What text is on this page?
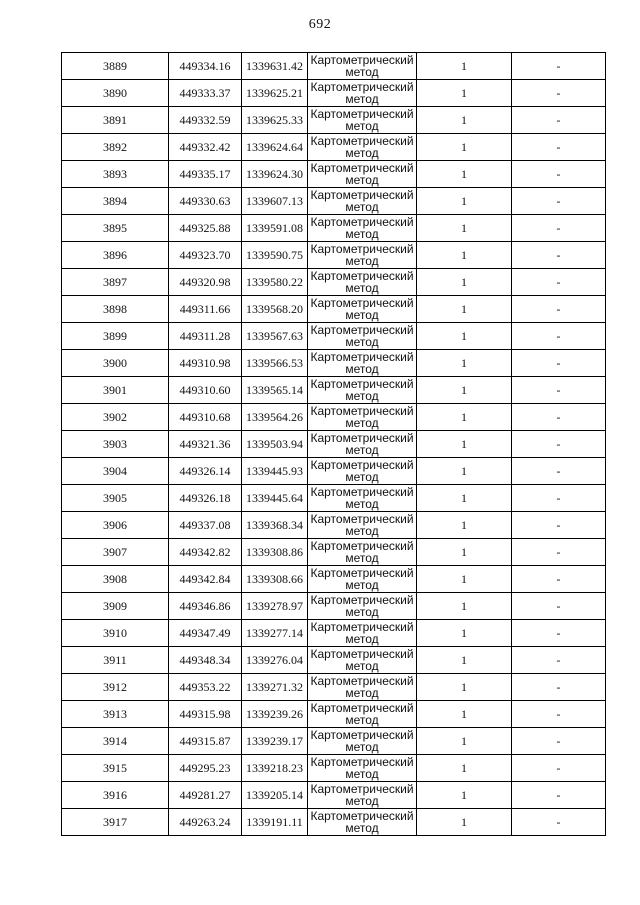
692
3889	449334.16	1339631.42	Картометрический
метод	1	-
3890	449333.37	1339625.21	Картометрический
метод	1	-
3891	449332.59	1339625.33	Картометрический
метод	1	-
3892	449332.42	1339624.64	Картометрический
метод	1	-
3893	449335.17	1339624.30	Картометрический
метод	1	-
3894	449330.63	1339607.13	Картометрический
метод	1	-
3895	449325.88	1339591.08	Картометрический
метод	1	-
3896	449323.70	1339590.75	Картометрический
метод	1	-
3897	449320.98	1339580.22	Картометрический
метод	1	-
3898	449311.66	1339568.20	Картометрический
метод	1	-
3899	449311.28	1339567.63	Картометрический
метод	1	-
3900	449310.98	1339566.53	Картометрический
метод	1	-
3901	449310.60	1339565.14	Картометрический
метод	1	-
3902	449310.68	1339564.26	Картометрический
метод	1	-
3903	449321.36	1339503.94	Картометрический
метод	1	-
3904	449326.14	1339445.93	Картометрический
метод	1	-
3905	449326.18	1339445.64	Картометрический
метод	1	-
3906	449337.08	1339368.34	Картометрический
метод	1	-
3907	449342.82	1339308.86	Картометрический
метод	1	-
3908	449342.84	1339308.66	Картометрический
метод	1	-
3909	449346.86	1339278.97	Картометрический
метод	1	-
3910	449347.49	1339277.14	Картометрический
метод	1	-
3911	449348.34	1339276.04	Картометрический
метод	1	-
3912	449353.22	1339271.32	Картометрический
метод	1	-
3913	449315.98	1339239.26	Картометрический
метод	1	-
3914	449315.87	1339239.17	Картометрический
метод	1	-
3915	449295.23	1339218.23	Картометрический
метод	1	-
3916	449281.27	1339205.14	Картометрический
метод	1	-
3917	449263.24	1339191.11	Картометрический
метод	1	-
